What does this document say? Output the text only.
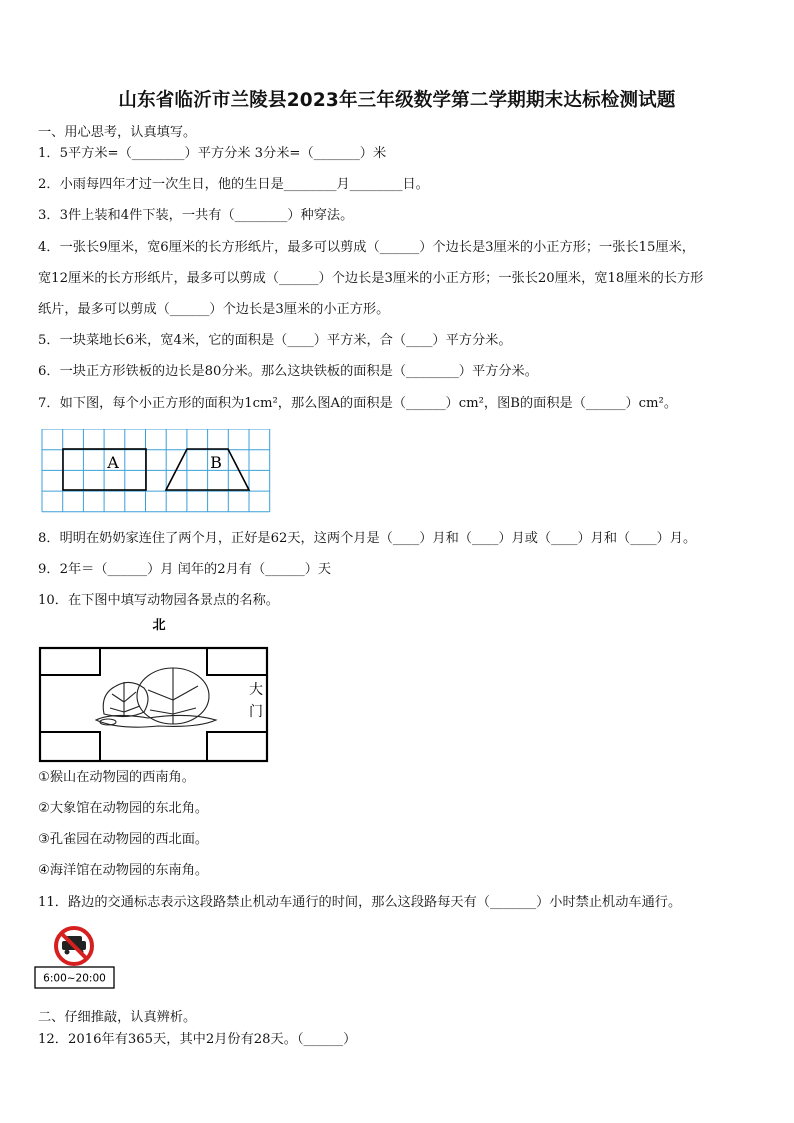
山东省临沂市兰陵县2023年三年级数学第二学期期末达标检测试题
一、用心思考，认真填写。
1．5平方米=（________）平方分米 3分米=（_______）米
2．小雨每四年才过一次生日，他的生日是________月________日。
3．3件上装和4件下装，一共有（________）种穿法。
4．一张长9厘米，宽6厘米的长方形纸片，最多可以剪成（______）个边长是3厘米的小正方形；一张长15厘米，
宽12厘米的长方形纸片，最多可以剪成（______）个边长是3厘米的小正方形；一张长20厘米，宽18厘米的长方形
纸片，最多可以剪成（______）个边长是3厘米的小正方形。
5．一块菜地长6米，宽4米，它的面积是（____）平方米，合（____）平方分米。
6．一块正方形铁板的边长是80分米。那么这块铁板的面积是（________）平方分米。
7．如下图，每个小正方形的面积为1cm²，那么图A的面积是（______）cm²，图B的面积是（______）cm²。
A	B
8．明明在奶奶家连住了两个月，正好是62天，这两个月是（____）月和（____）月或（____）月和（____）月。
9．2年＝（______）月 闰年的2月有（______）天
10．在下图中填写动物园各景点的名称。
北
大
门
①猴山在动物园的西南角。
②大象馆在动物园的东北角。
③孔雀园在动物园的西北面。
④海洋馆在动物园的东南角。
11．路边的交通标志表示这段路禁止机动车通行的时间，那么这段路每天有（_______）小时禁止机动车通行。
6:00~20:00
二、仔细推敲，认真辨析。
12．2016年有365天，其中2月份有28天。（______）
